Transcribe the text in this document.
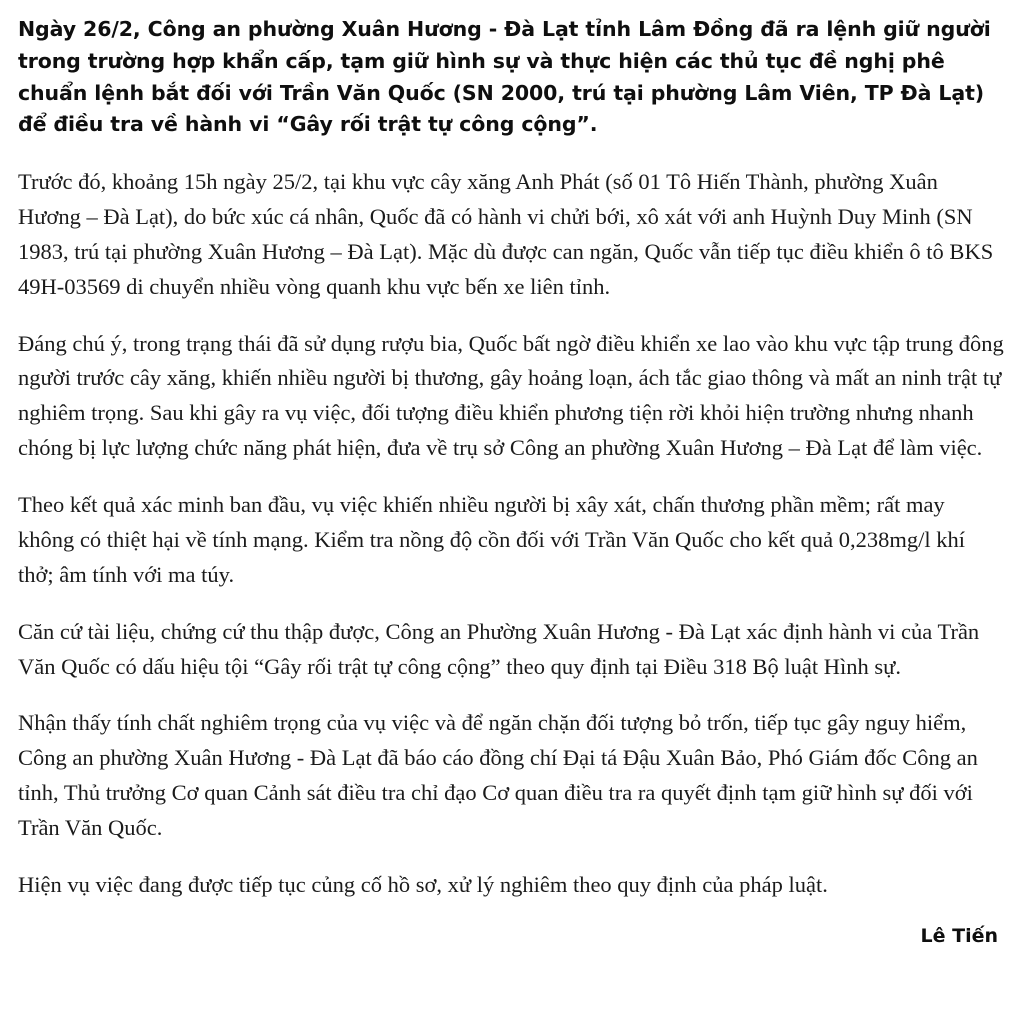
Ngày 26/2, Công an phường Xuân Hương - Đà Lạt tỉnh Lâm Đồng đã ra lệnh giữ người trong trường hợp khẩn cấp, tạm giữ hình sự và thực hiện các thủ tục đề nghị phê chuẩn lệnh bắt đối với Trần Văn Quốc (SN 2000, trú tại phường Lâm Viên, TP Đà Lạt) để điều tra về hành vi “Gây rối trật tự công cộng”.

Trước đó, khoảng 15h ngày 25/2, tại khu vực cây xăng Anh Phát (số 01 Tô Hiến Thành, phường Xuân Hương – Đà Lạt), do bức xúc cá nhân, Quốc đã có hành vi chửi bới, xô xát với anh Huỳnh Duy Minh (SN 1983, trú tại phường Xuân Hương – Đà Lạt). Mặc dù được can ngăn, Quốc vẫn tiếp tục điều khiển ô tô BKS 49H-03569 di chuyển nhiều vòng quanh khu vực bến xe liên tỉnh.

Đáng chú ý, trong trạng thái đã sử dụng rượu bia, Quốc bất ngờ điều khiển xe lao vào khu vực tập trung đông người trước cây xăng, khiến nhiều người bị thương, gây hoảng loạn, ách tắc giao thông và mất an ninh trật tự nghiêm trọng. Sau khi gây ra vụ việc, đối tượng điều khiển phương tiện rời khỏi hiện trường nhưng nhanh chóng bị lực lượng chức năng phát hiện, đưa về trụ sở Công an phường Xuân Hương – Đà Lạt để làm việc.

Theo kết quả xác minh ban đầu, vụ việc khiến nhiều người bị xây xát, chấn thương phần mềm; rất may không có thiệt hại về tính mạng. Kiểm tra nồng độ cồn đối với Trần Văn Quốc cho kết quả 0,238mg/l khí thở; âm tính với ma túy.

Căn cứ tài liệu, chứng cứ thu thập được, Công an Phường Xuân Hương - Đà Lạt xác định hành vi của Trần Văn Quốc có dấu hiệu tội “Gây rối trật tự công cộng” theo quy định tại Điều 318 Bộ luật Hình sự.

Nhận thấy tính chất nghiêm trọng của vụ việc và để ngăn chặn đối tượng bỏ trốn, tiếp tục gây nguy hiểm, Công an phường Xuân Hương - Đà Lạt đã báo cáo đồng chí Đại tá Đậu Xuân Bảo, Phó Giám đốc Công an tỉnh, Thủ trưởng Cơ quan Cảnh sát điều tra chỉ đạo Cơ quan điều tra ra quyết định tạm giữ hình sự đối với Trần Văn Quốc.

Hiện vụ việc đang được tiếp tục củng cố hồ sơ, xử lý nghiêm theo quy định của pháp luật.

Lê Tiến
